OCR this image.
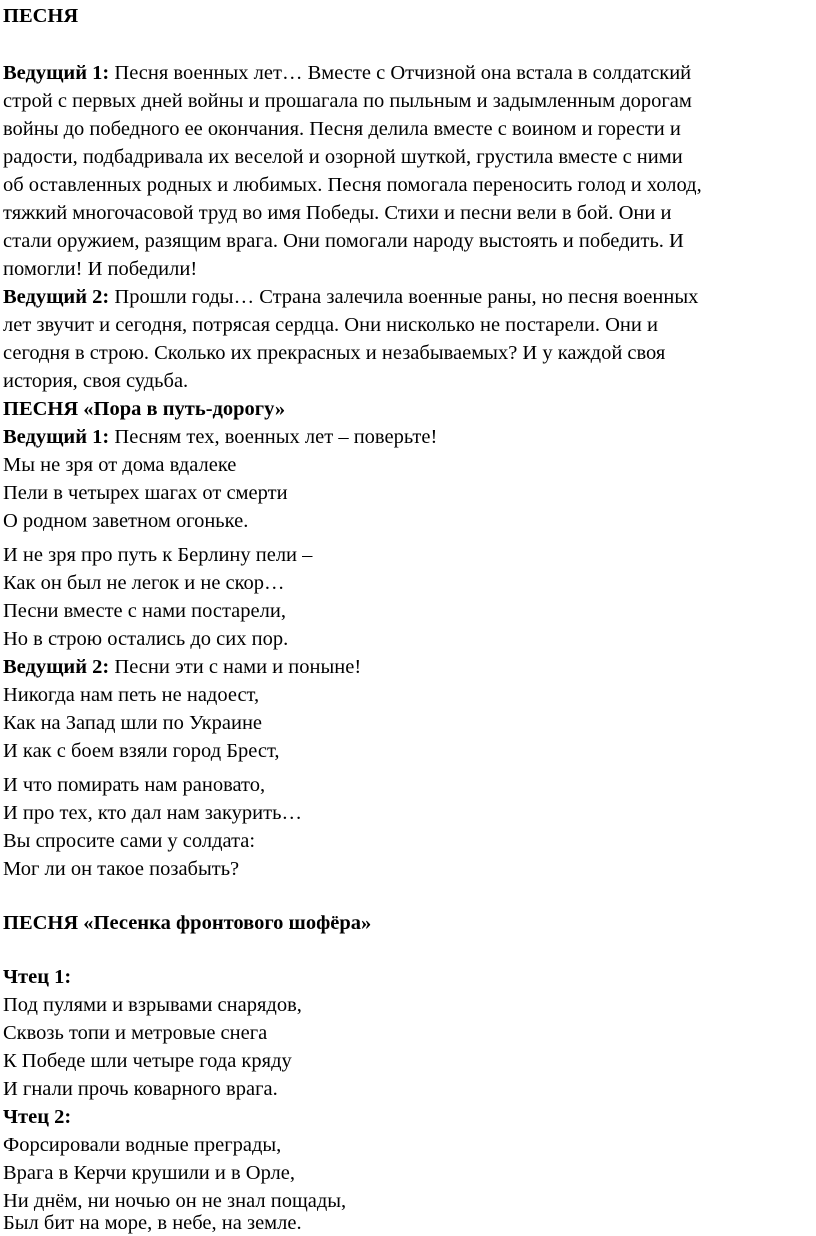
ПЕСНЯ
Ведущий 1: Песня военных лет… Вместе с Отчизной она встала в солдатский
строй с первых дней войны и прошагала по пыльным и задымленным дорогам
войны до победного ее окончания. Песня делила вместе с воином и горести и
радости, подбадривала их веселой и озорной шуткой, грустила вместе с ними
об оставленных родных и любимых. Песня помогала переносить голод и холод,
тяжкий многочасовой труд во имя Победы. Стихи и песни вели в бой. Они и
стали оружием, разящим врага. Они помогали народу выстоять и победить. И
помогли! И победили!
Ведущий 2: Прошли годы… Страна залечила военные раны, но песня военных
лет звучит и сегодня, потрясая сердца. Они нисколько не постарели. Они и
сегодня в строю. Сколько их прекрасных и незабываемых? И у каждой своя
история, своя судьба.
ПЕСНЯ «Пора в путь-дорогу»
Ведущий 1: Песням тех, военных лет – поверьте!
Мы не зря от дома вдалеке
Пели в четырех шагах от смерти
О родном заветном огоньке.
И не зря про путь к Берлину пели –
Как он был не легок и не скор…
Песни вместе с нами постарели,
Но в строю остались до сих пор.
Ведущий 2: Песни эти с нами и поныне!
Никогда нам петь не надоест,
Как на Запад шли по Украине
И как с боем взяли город Брест,
И что помирать нам рановато,
И про тех, кто дал нам закурить…
Вы спросите сами у солдата:
Мог ли он такое позабыть?
ПЕСНЯ «Песенка фронтового шофёра»
Чтец 1:
Под пулями и взрывами снарядов,
Сквозь топи и метровые снега
К Победе шли четыре года кряду
И гнали прочь коварного врага.
Чтец 2:
Форсировали водные преграды,
Врага в Керчи крушили и в Орле,
Ни днём, ни ночью он не знал пощады,
Был бит на море, в небе, на земле.
